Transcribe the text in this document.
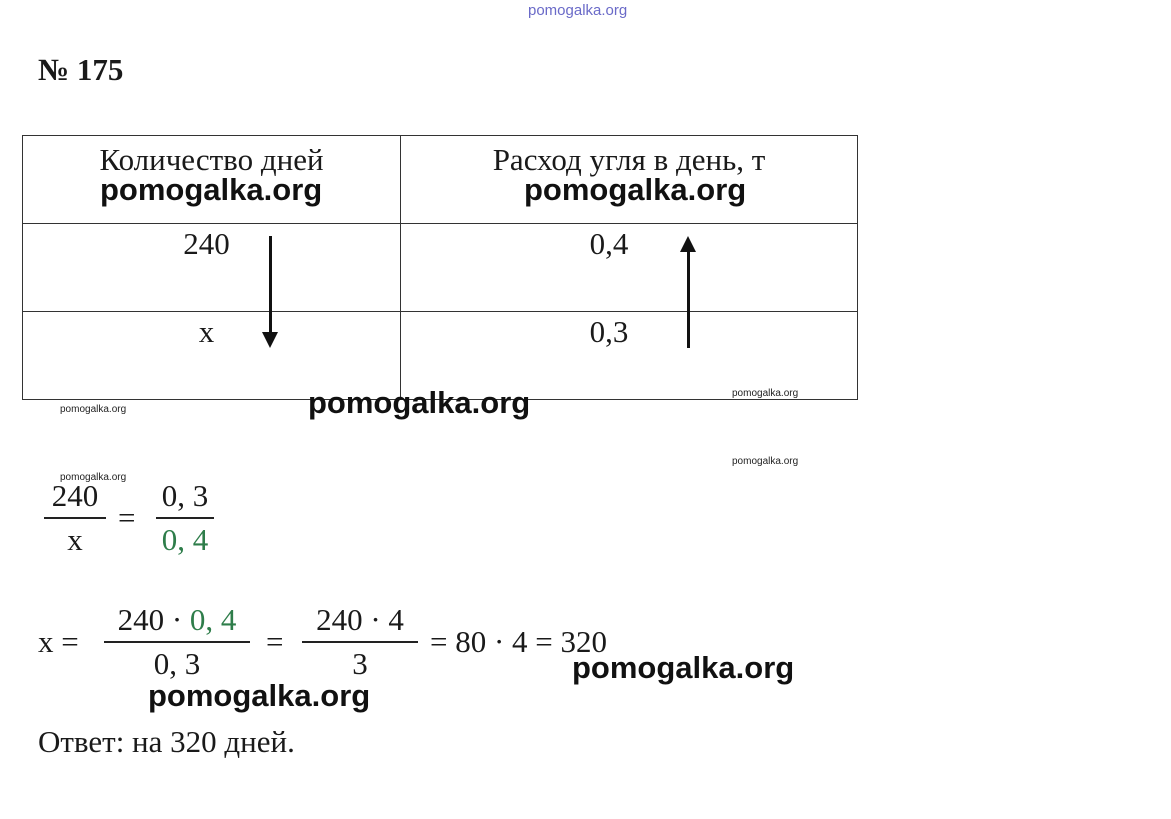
pomogalka.org
№ 175
Количество дней	Расход угля в день, т

240	0,4

x	0,3
pomogalka.org	pomogalka.org
pomogalka.org
pomogalka.org
pomogalka.org
pomogalka.org
pomogalka.org
240
x
=
0, 3
0, 4
x =
240 · 0, 4
0, 3
=
240 · 4
3
= 80 · 4 = 320
pomogalka.org
pomogalka.org
Ответ: на 320 дней.
